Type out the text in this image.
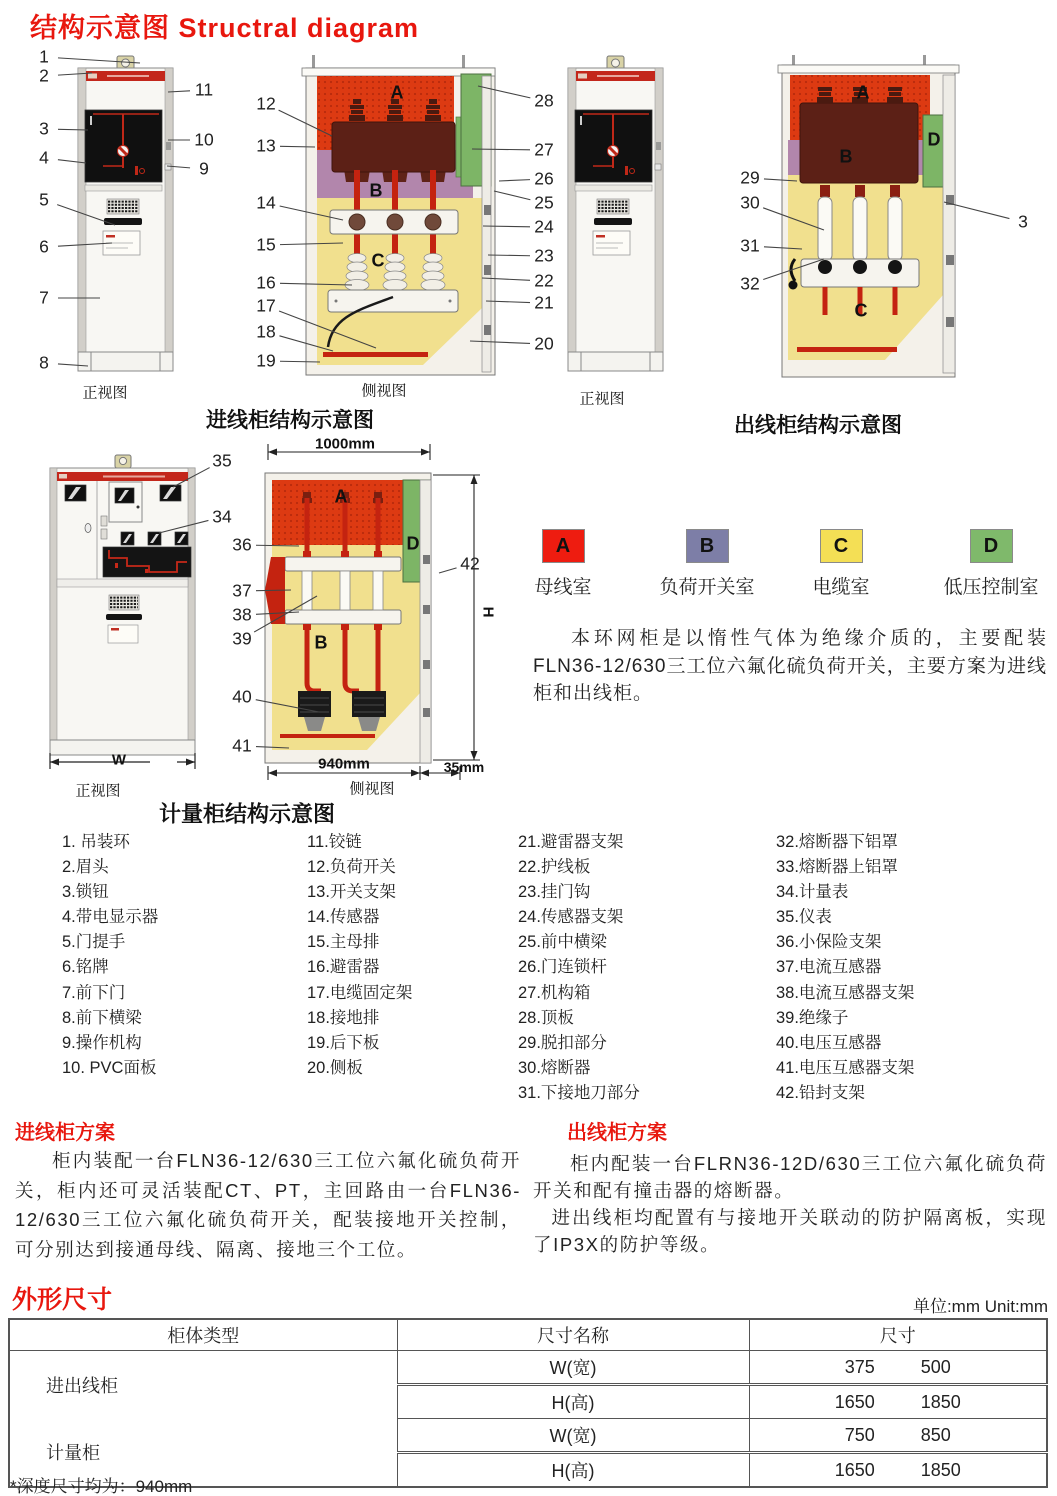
结构示意图 Structral diagram
A
母线室
B
负荷开关室
C
电缆室
D
低压控制室
本环网柜是以惰性气体为绝缘介质的，主要配装FLN36-12/630三工位六氟化硫负荷开关，主要方案为进线柜和出线柜。
1. 吊装环
2.眉头
3.锁钮
4.带电显示器
5.门提手
6.铭牌
7.前下门
8.前下横梁
9.操作机构
10. PVC面板
11.铰链
12.负荷开关
13.开关支架
14.传感器
15.主母排
16.避雷器
17.电缆固定架
18.接地排
19.后下板
20.侧板
21.避雷器支架
22.护线板
23.挂门钩
24.传感器支架
25.前中横梁
26.门连锁杆
27.机构箱
28.顶板
29.脱扣部分
30.熔断器
31.下接地刀部分
32.熔断器下铝罩
33.熔断器上铝罩
34.计量表
35.仪表
36.小保险支架
37.电流互感器
38.电流互感器支架
39.绝缘子
40.电压互感器
41.电压互感器支架
42.铅封支架
进线柜方案

柜内装配一台FLN36-12/630三工位六氟化硫负荷开关，柜内还可灵活装配CT、PT，主回路由一台FLN36-12/630三工位六氟化硫负荷开关，配装接地开关控制，可分别达到接通母线、隔离、接地三个工位。

出线柜方案

柜内配装一台FLRN36-12D/630三工位六氟化硫负荷开关和配有撞击器的熔断器。

进出线柜均配置有与接地开关联动的防护隔离板，实现了IP3X的防护等级。

外形尺寸	单位:mm Unit:mm
柜体类型	尺寸名称	尺寸
进出线柜	W(宽)	375 500

	H(高)	1650 1850

计量柜	W(宽)	750 850

	H(高)	1650 1850
*深度尺寸均为：940mm
1
2
3
4
5
6
7
8
9
10
11
12
13
14
15
16
17
18
19
20
21
22
23
24
25
26
27
28
29
30
31
32
3
35
34
36
37
38
39
40
41
42
A
B
C
A
B
D
C
A
D
B
正视图	侧视图	正视图
进线柜结构示意图	出线柜结构示意图
正视图	侧视图
计量柜结构示意图
1000mm
H
W	940mm	35mm
